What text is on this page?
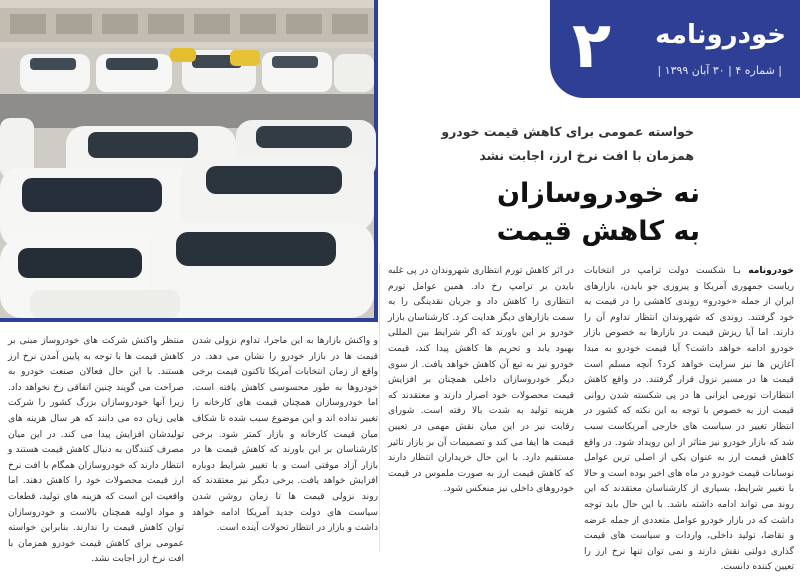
۲ خودرونامه
| شماره ۴ | ۳۰ آبان ۱۳۹۹ |
خواسته عمومی برای کاهش قیمت خودرو
همزمان با افت نرخ ارز، اجابت نشد
نه خودروسازان
به کاهش قیمت
خودرونامه بـا شکست دولت ترامپ در انتخابات ریاست جمهوری آمریکا و پیروزی جو بایدن، بازارهای ایران از جمله «خودرو» روندی کاهشی را در قیمت به خود گرفتند. روندی که شهروندان انتظار تداوم آن را دارند. اما آیا ریزش قیمت در بازارها به خصوص بازار خودرو ادامه خواهد داشت؟ آیا قیمت خودرو به مبدا آغازین ها نیز سرایت خواهد کرد؟ آنچه مسلم است قیمت ها در مسیر نزول قرار گرفتند. در واقع کاهش انتظارات تورمی ایرانی ها در پی شکسته شدن روانی قیمت ارز به خصوص با توجه به این نکته که کشور در انتظار تغییر در سیاست های خارجی آمریکاست سبب شد که بازار خودرو نیز متاثر از این رویداد شود. در واقع کاهش قیمت ارز به عنوان یکی از اصلی ترین عوامل نوسانات قیمت خودرو در ماه های اخیر بوده است و حالا با تغییر شرایط، بسیاری از کارشناسان معتقدند که این روند می تواند ادامه داشته باشد. با این حال باید توجه داشت که در بازار خودرو عوامل متعددی از جمله عرضه و تقاضا، تولید داخلی، واردات و سیاست های قیمت گذاری دولتی نقش دارند و نمی توان تنها نرخ ارز را تعیین کننده دانست.
در اثر کاهش تورم انتظاری شهروندان در پی غلبه بایدن بر ترامپ رخ داد. همین عوامل تورم انتظاری را کاهش داد و جریان نقدینگی را به سمت بازارهای دیگر هدایت کرد. کارشناسان بازار خودرو بر این باورند که اگر شرایط بین المللی بهبود یابد و تحریم ها کاهش پیدا کند، قیمت خودرو نیز به تبع آن کاهش خواهد یافت. از سوی دیگر خودروسازان داخلی همچنان بر افزایش قیمت محصولات خود اصرار دارند و معتقدند که هزینه تولید به شدت بالا رفته است. شورای رقابت نیز در این میان نقش مهمی در تعیین قیمت ها ایفا می کند و تصمیمات آن بر بازار تاثیر مستقیم دارد. با این حال خریداران انتظار دارند که کاهش قیمت ارز به صورت ملموس در قیمت خودروهای داخلی نیز منعکس شود.
و واکنش بازارها به این ماجرا، تداوم نزولی شدن قیمت ها در بازار خودرو را نشان می دهد. در واقع از زمان انتخابات آمریکا تاکنون قیمت برخی خودروها به طور محسوسی کاهش یافته است. اما خودروسازان همچنان قیمت های کارخانه را تغییر نداده اند و این موضوع سبب شده تا شکاف میان قیمت کارخانه و بازار کمتر شود. برخی کارشناسان بر این باورند که کاهش قیمت ها در بازار آزاد موقتی است و با تغییر شرایط دوباره افزایش خواهد یافت. برخی دیگر نیز معتقدند که روند نزولی قیمت ها تا زمان روشن شدن سیاست های دولت جدید آمریکا ادامه خواهد داشت و بازار در انتظار تحولات آینده است.
منتظر واکنش شرکت های خودروساز مبنی بر کاهش قیمت ها با توجه به پایین آمدن نرخ ارز هستند. با این حال فعالان صنعت خودرو به صراحت می گویند چنین اتفاقی رخ نخواهد داد. زیرا آنها خودروسازان بزرگ کشور را شرکت هایی زیان ده می دانند که هر سال هزینه های تولیدشان افزایش پیدا می کند. در این میان مصرف کنندگان به دنبال کاهش قیمت هستند و انتظار دارند که خودروسازان همگام با افت نرخ ارز قیمت محصولات خود را کاهش دهند. اما واقعیت این است که هزینه های تولید، قطعات و مواد اولیه همچنان بالاست و خودروسازان توان کاهش قیمت را ندارند. بنابراین خواسته عمومی برای کاهش قیمت خودرو همزمان با افت نرخ ارز اجابت نشد.
